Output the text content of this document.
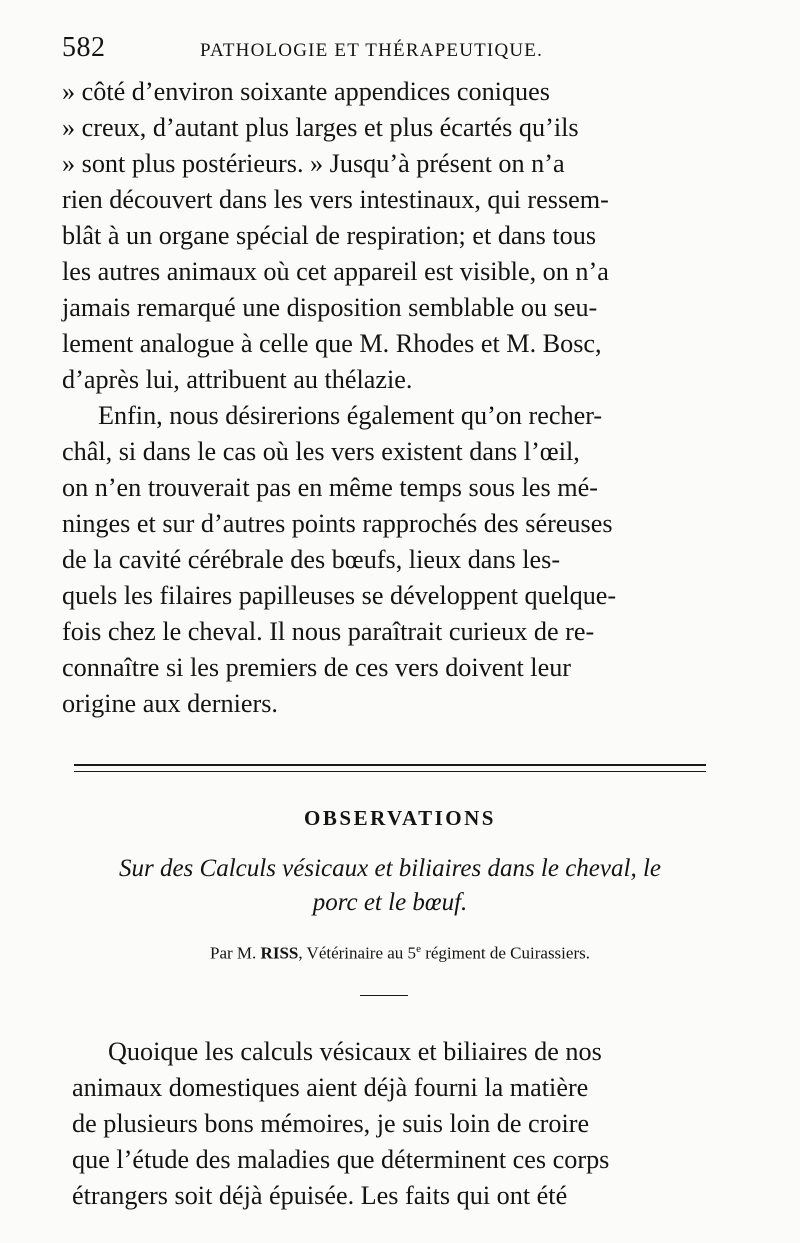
582	PATHOLOGIE ET THÉRAPEUTIQUE.
» côté d’environ soixante appendices coniques
» creux, d’autant plus larges et plus écartés qu’ils
» sont plus postérieurs. » Jusqu’à présent on n’a
rien découvert dans les vers intestinaux, qui ressem-
blât à un organe spécial de respiration; et dans tous
les autres animaux où cet appareil est visible, on n’a
jamais remarqué une disposition semblable ou seu-
lement analogue à celle que M. Rhodes et M. Bosc,
d’après lui, attribuent au thélazie.
Enfin, nous désirerions également qu’on recher-
châl, si dans le cas où les vers existent dans l’œil,
on n’en trouverait pas en même temps sous les mé-
ninges et sur d’autres points rapprochés des séreuses
de la cavité cérébrale des bœufs, lieux dans les-
quels les filaires papilleuses se développent quelque-
fois chez le cheval. Il nous paraîtrait curieux de re-
connaître si les premiers de ces vers doivent leur
origine aux derniers.
OBSERVATIONS
Sur des Calculs vésicaux et biliaires dans le cheval, le
porc et le bœuf.
Par M. RISS, Vétérinaire au 5e régiment de Cuirassiers.
Quoique les calculs vésicaux et biliaires de nos
animaux domestiques aient déjà fourni la matière
de plusieurs bons mémoires, je suis loin de croire
que l’étude des maladies que déterminent ces corps
étrangers soit déjà épuisée. Les faits qui ont été
